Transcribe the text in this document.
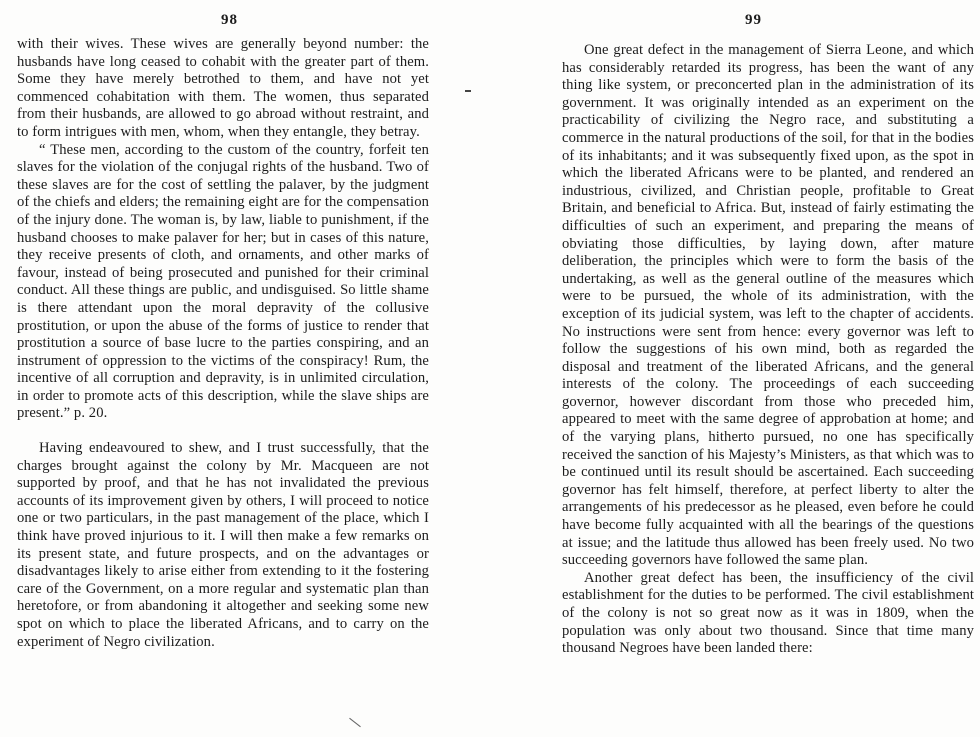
98

with their wives. These wives are generally beyond number: the husbands have long ceased to cohabit with the greater part of them. Some they have merely betrothed to them, and have not yet commenced cohabitation with them. The women, thus separated from their husbands, are allowed to go abroad without restraint, and to form intrigues with men, whom, when they entangle, they betray.

“ These men, according to the custom of the country, forfeit ten slaves for the violation of the conjugal rights of the husband. Two of these slaves are for the cost of settling the palaver, by the judgment of the chiefs and elders; the remaining eight are for the compensation of the injury done. The woman is, by law, liable to punishment, if the husband chooses to make palaver for her; but in cases of this nature, they receive presents of cloth, and ornaments, and other marks of favour, instead of being prosecuted and punished for their criminal conduct. All these things are public, and undisguised. So little shame is there attendant upon the moral depravity of the collusive prostitution, or upon the abuse of the forms of justice to render that prostitution a source of base lucre to the parties conspiring, and an instrument of oppression to the victims of the conspiracy! Rum, the incentive of all corruption and depravity, is in unlimited circulation, in order to promote acts of this description, while the slave ships are present.” p. 20.

Having endeavoured to shew, and I trust successfully, that the charges brought against the colony by Mr. Macqueen are not supported by proof, and that he has not invalidated the previous accounts of its improvement given by others, I will proceed to notice one or two particulars, in the past management of the place, which I think have proved injurious to it. I will then make a few remarks on its present state, and future prospects, and on the advantages or disadvantages likely to arise either from extending to it the fostering care of the Government, on a more regular and systematic plan than heretofore, or from abandoning it altogether and seeking some new spot on which to place the liberated Africans, and to carry on the experiment of Negro civilization.

99

One great defect in the management of Sierra Leone, and which has considerably retarded its progress, has been the want of any thing like system, or preconcerted plan in the administration of its government. It was originally intended as an experiment on the practicability of civilizing the Negro race, and substituting a commerce in the natural productions of the soil, for that in the bodies of its inhabitants; and it was subsequently fixed upon, as the spot in which the liberated Africans were to be planted, and rendered an industrious, civilized, and Christian people, profitable to Great Britain, and beneficial to Africa. But, instead of fairly estimating the difficulties of such an experiment, and preparing the means of obviating those difficulties, by laying down, after mature deliberation, the principles which were to form the basis of the undertaking, as well as the general outline of the measures which were to be pursued, the whole of its administration, with the exception of its judicial system, was left to the chapter of accidents. No instructions were sent from hence: every governor was left to follow the suggestions of his own mind, both as regarded the disposal and treatment of the liberated Africans, and the general interests of the colony. The proceedings of each succeeding governor, however discordant from those who preceded him, appeared to meet with the same degree of approbation at home; and of the varying plans, hitherto pursued, no one has specifically received the sanction of his Majesty’s Ministers, as that which was to be continued until its result should be ascertained. Each succeeding governor has felt himself, therefore, at perfect liberty to alter the arrangements of his predecessor as he pleased, even before he could have become fully acquainted with all the bearings of the questions at issue; and the latitude thus allowed has been freely used. No two succeeding governors have followed the same plan.

Another great defect has been, the insufficiency of the civil establishment for the duties to be performed. The civil establishment of the colony is not so great now as it was in 1809, when the population was only about two thousand. Since that time many thousand Negroes have been landed there:
